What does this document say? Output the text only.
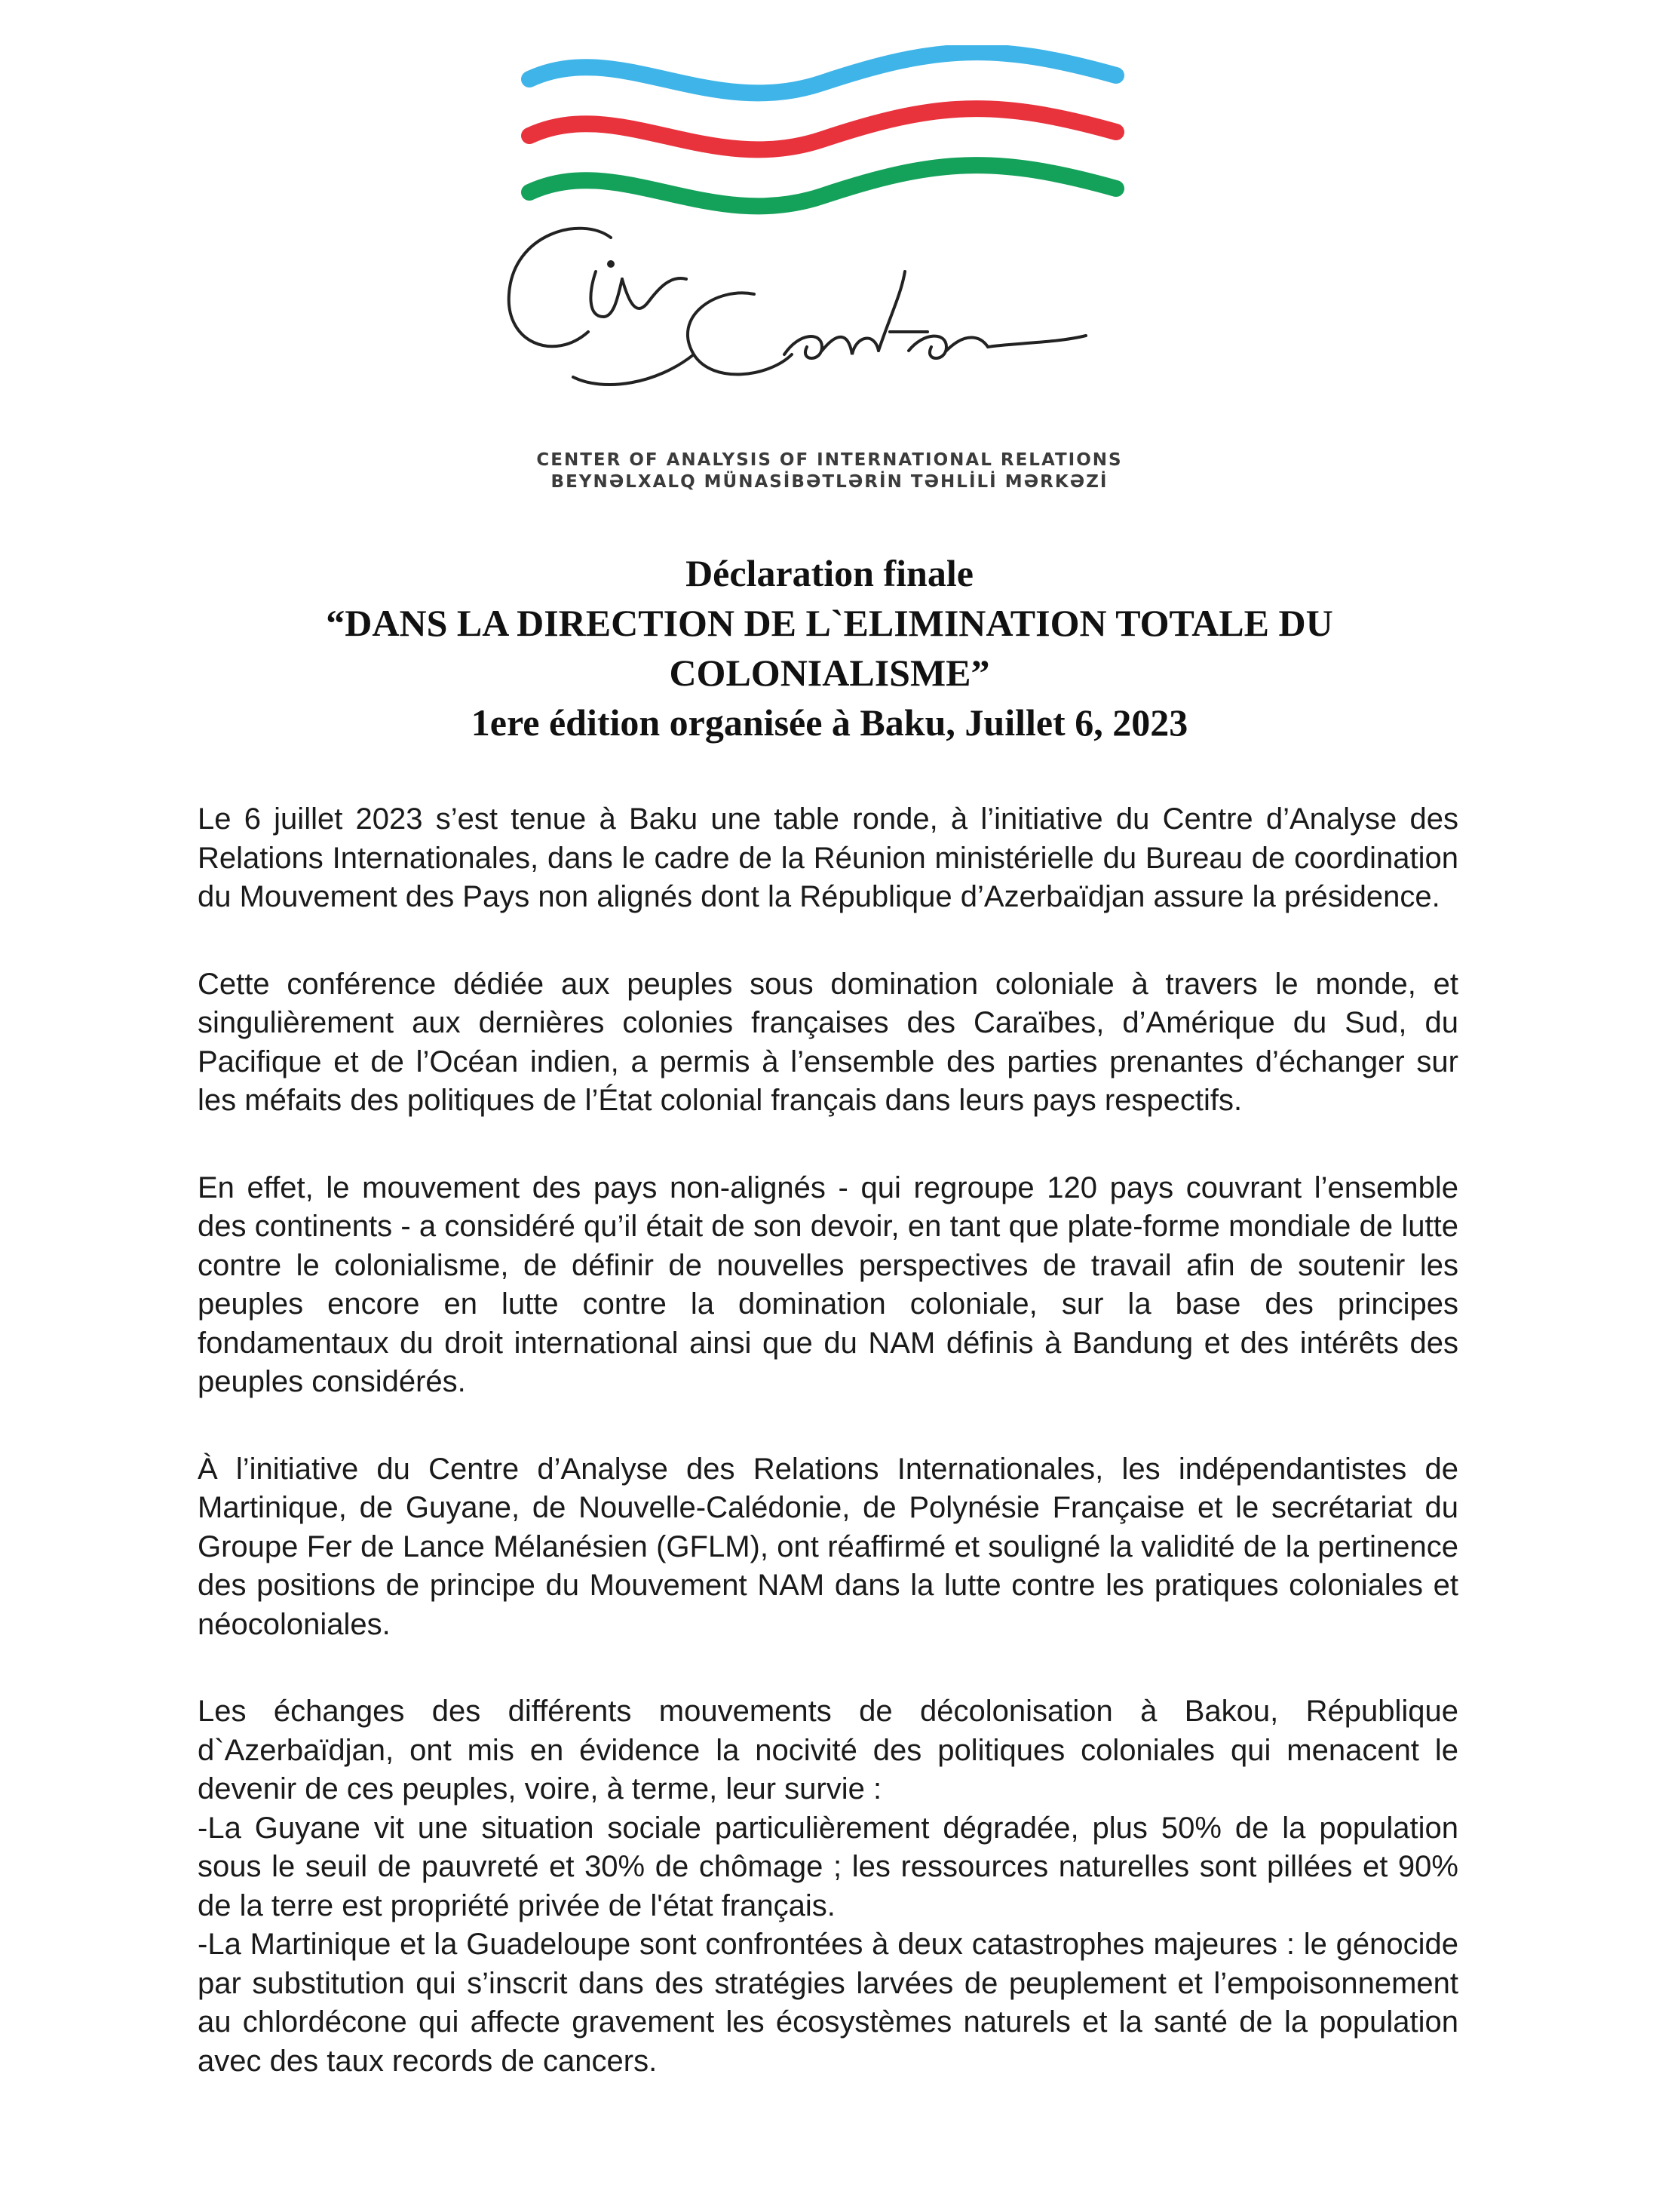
CENTER OF ANALYSIS OF INTERNATIONAL RELATIONS
BEYNƏLXALQ MÜNASİBƏTLƏRİN TƏHLİLİ MƏRKƏZİ
Déclaration finale
“DANS LA DIRECTION DE L`ELIMINATION TOTALE DU
COLONIALISME”
1ere édition organisée à Baku, Juillet 6, 2023

Le 6 juillet 2023 s’est tenue à Baku une table ronde, à l’initiative du Centre d’Analyse des Relations Internationales, dans le cadre de la Réunion ministérielle du Bureau de coordination du Mouvement des Pays non alignés dont la République d’Azerbaïdjan assure la présidence.

Cette conférence dédiée aux peuples sous domination coloniale à travers le monde, et singulièrement aux dernières colonies françaises des Caraïbes, d’Amérique du Sud, du Pacifique et de l’Océan indien, a permis à l’ensemble des parties prenantes d’échanger sur les méfaits des politiques de l’État colonial français dans leurs pays respectifs.

En effet, le mouvement des pays non-alignés - qui regroupe 120 pays couvrant l’ensemble des continents - a considéré qu’il était de son devoir, en tant que plate-forme mondiale de lutte contre le colonialisme, de définir de nouvelles perspectives de travail afin de soutenir les peuples encore en lutte contre la domination coloniale, sur la base des principes fondamentaux du droit international ainsi que du NAM définis à Bandung et des intérêts des peuples considérés.

À l’initiative du Centre d’Analyse des Relations Internationales, les indépendantistes de Martinique, de Guyane, de Nouvelle-Calédonie, de Polynésie Française et le secrétariat du Groupe Fer de Lance Mélanésien (GFLM), ont réaffirmé et souligné la validité de la pertinence des positions de principe du Mouvement NAM dans la lutte contre les pratiques coloniales et néocoloniales.

Les échanges des différents mouvements de décolonisation à Bakou, République d`Azerbaïdjan, ont mis en évidence la nocivité des politiques coloniales qui menacent le devenir de ces peuples, voire, à terme, leur survie :

-La Guyane vit une situation sociale particulièrement dégradée, plus 50% de la population sous le seuil de pauvreté et 30% de chômage ; les ressources naturelles sont pillées et 90% de la terre est propriété privée de l'état français.

-La Martinique et la Guadeloupe sont confrontées à deux catastrophes majeures : le génocide par substitution qui s’inscrit dans des stratégies larvées de peuplement et l’empoisonnement au chlordécone qui affecte gravement les écosystèmes naturels et la santé de la population avec des taux records de cancers.
